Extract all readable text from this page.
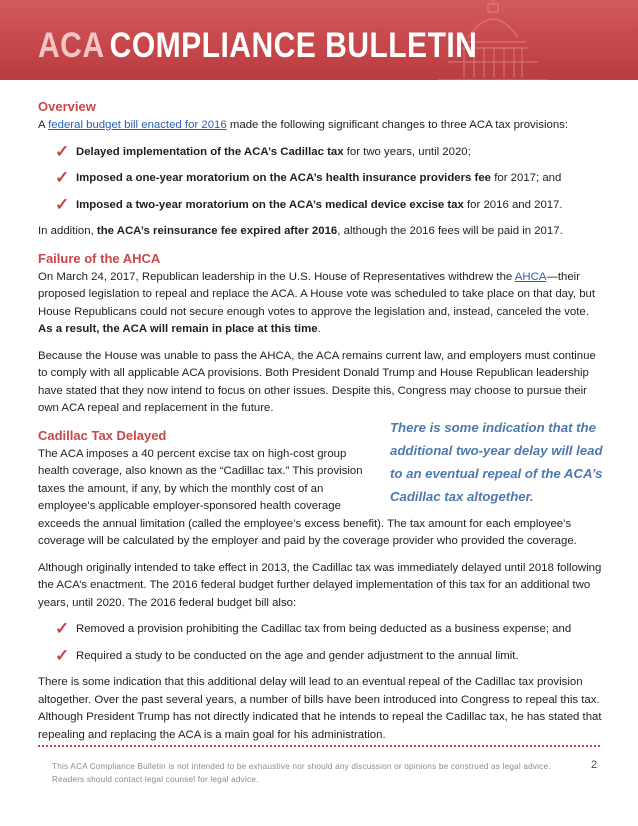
ACA COMPLIANCE BULLETIN
Overview

A federal budget bill enacted for 2016 made the following significant changes to three ACA tax provisions:

✓ Delayed implementation of the ACA’s Cadillac tax for two years, until 2020;
✓ Imposed a one-year moratorium on the ACA’s health insurance providers fee for 2017; and
✓ Imposed a two-year moratorium on the ACA’s medical device excise tax for 2016 and 2017.

In addition, the ACA’s reinsurance fee expired after 2016, although the 2016 fees will be paid in 2017.

Failure of the AHCA

On March 24, 2017, Republican leadership in the U.S. House of Representatives withdrew the AHCA—their proposed legislation to repeal and replace the ACA. A House vote was scheduled to take place on that day, but House Republicans could not secure enough votes to approve the legislation and, instead, canceled the vote. As a result, the ACA will remain in place at this time.

Because the House was unable to pass the AHCA, the ACA remains current law, and employers must continue to comply with all applicable ACA provisions. Both President Donald Trump and House Republican leadership have stated that they now intend to focus on other issues. Despite this, Congress may choose to pursue their own ACA repeal and replacement in the future.

There is some indication that the additional two-year delay will lead to an eventual repeal of the ACA’s Cadillac tax altogether.
Cadillac Tax Delayed

The ACA imposes a 40 percent excise tax on high-cost group health coverage, also known as the “Cadillac tax.” This provision taxes the amount, if any, by which the monthly cost of an employee's applicable employer-sponsored health coverage

exceeds the annual limitation (called the employee’s excess benefit). The tax amount for each employee’s coverage will be calculated by the employer and paid by the coverage provider who provided the coverage.

Although originally intended to take effect in 2013, the Cadillac tax was immediately delayed until 2018 following the ACA’s enactment. The 2016 federal budget further delayed implementation of this tax for an additional two years, until 2020. The 2016 federal budget bill also:

✓ Removed a provision prohibiting the Cadillac tax from being deducted as a business expense; and
✓ Required a study to be conducted on the age and gender adjustment to the annual limit.

There is some indication that this additional delay will lead to an eventual repeal of the Cadillac tax provision altogether. Over the past several years, a number of bills have been introduced into Congress to repeal this tax. Although President Trump has not directly indicated that he intends to repeal the Cadillac tax, he has stated that repealing and replacing the ACA is a main goal for his administration.

This ACA Compliance Bulletin is not intended to be exhaustive nor should any discussion or opinions be construed as legal advice. Readers should contact legal counsel for legal advice.
2
